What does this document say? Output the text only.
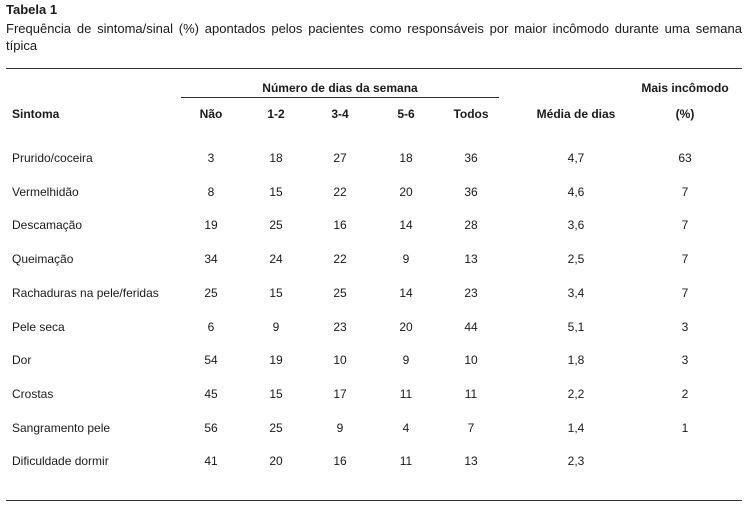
Tabela 1
Frequência de sintoma/sinal (%) apontados pelos pacientes como responsáveis por maior incômodo durante uma semana típica
Número de dias da semana	Mais incômodo
Sintoma	Não	1-2	3-4	5-6	Todos	Média de dias	(%)
Prurido/coceira	3	18	27	18	36	4,7	63
Vermelhidão	8	15	22	20	36	4,6	7
Descamação	19	25	16	14	28	3,6	7
Queimação	34	24	22	9	13	2,5	7
Rachaduras na pele/feridas	25	15	25	14	23	3,4	7
Pele seca	6	9	23	20	44	5,1	3
Dor	54	19	10	9	10	1,8	3
Crostas	45	15	17	11	11	2,2	2
Sangramento pele	56	25	9	4	7	1,4	1
Dificuldade dormir	41	20	16	11	13	2,3
